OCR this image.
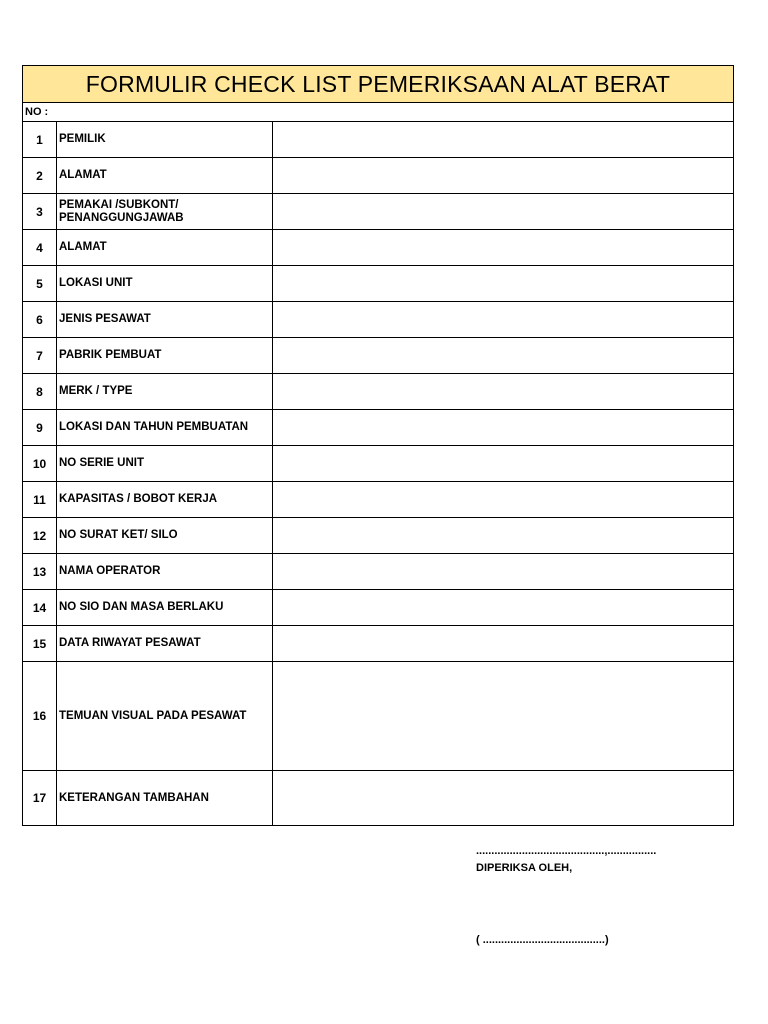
FORMULIR CHECK LIST PEMERIKSAAN ALAT BERAT
NO :
1	PEMILIK
2	ALAMAT
3	PEMAKAI /SUBKONT/
PENANGGUNGJAWAB
4	ALAMAT
5	LOKASI UNIT
6	JENIS PESAWAT
7	PABRIK PEMBUAT
8	MERK / TYPE
9	LOKASI DAN TAHUN PEMBUATAN
10	NO SERIE UNIT
11	KAPASITAS / BOBOT KERJA
12	NO SURAT KET/ SILO
13	NAMA OPERATOR
14	NO SIO DAN MASA BERLAKU
15	DATA RIWAYAT PESAWAT
16	TEMUAN VISUAL PADA PESAWAT
17	KETERANGAN TAMBAHAN
..........................................,................
DIPERIKSA OLEH,
( ........................................)
